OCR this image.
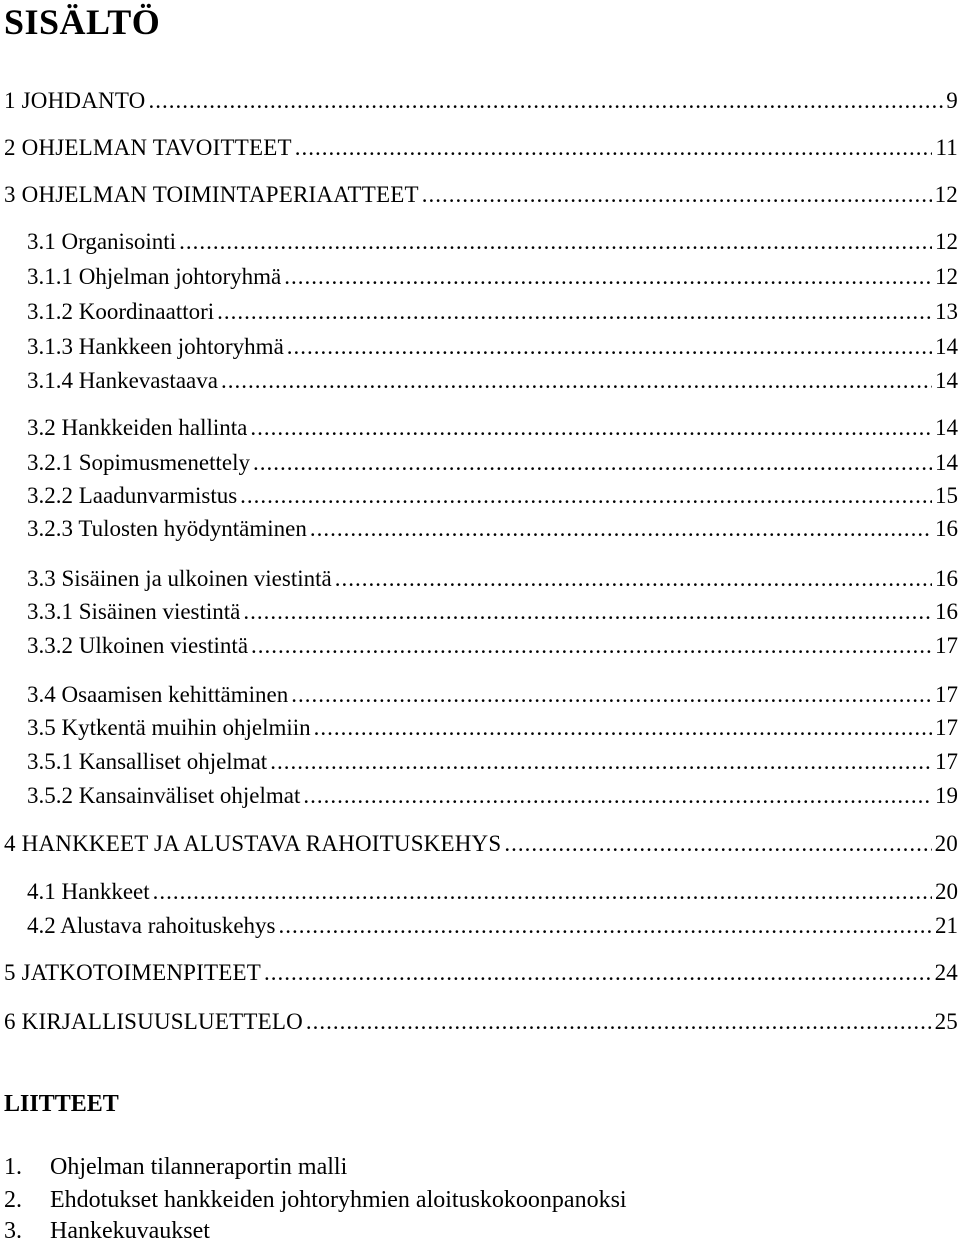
SISÄLTÖ
1 JOHDANTO .....	9
2 OHJELMAN TAVOITTEET .....	11
3 OHJELMAN TOIMINTAPERIAATTEET .....	12
3.1 Organisointi .....	12
3.1.1 Ohjelman johtoryhmä .....	12
3.1.2 Koordinaattori .....	13
3.1.3 Hankkeen johtoryhmä .....	14
3.1.4 Hankevastaava .....	14
3.2 Hankkeiden hallinta .....	14
3.2.1 Sopimusmenettely .....	14
3.2.2 Laadunvarmistus .....	15
3.2.3 Tulosten hyödyntäminen .....	16
3.3 Sisäinen ja ulkoinen viestintä .....	16
3.3.1 Sisäinen viestintä .....	16
3.3.2 Ulkoinen viestintä .....	17
3.4 Osaamisen kehittäminen .....	17
3.5 Kytkentä muihin ohjelmiin .....	17
3.5.1 Kansalliset ohjelmat .....	17
3.5.2 Kansainväliset ohjelmat .....	19
4 HANKKEET JA ALUSTAVA RAHOITUSKEHYS .....	20
4.1 Hankkeet .....	20
4.2 Alustava rahoituskehys .....	21
5 JATKOTOIMENPITEET .....	24
6 KIRJALLISUUSLUETTELO .....	25
LIITTEET
1. Ohjelman tilanneraportin malli
2. Ehdotukset hankkeiden johtoryhmien aloituskokoonpanoksi
3. Hankekuvaukset
